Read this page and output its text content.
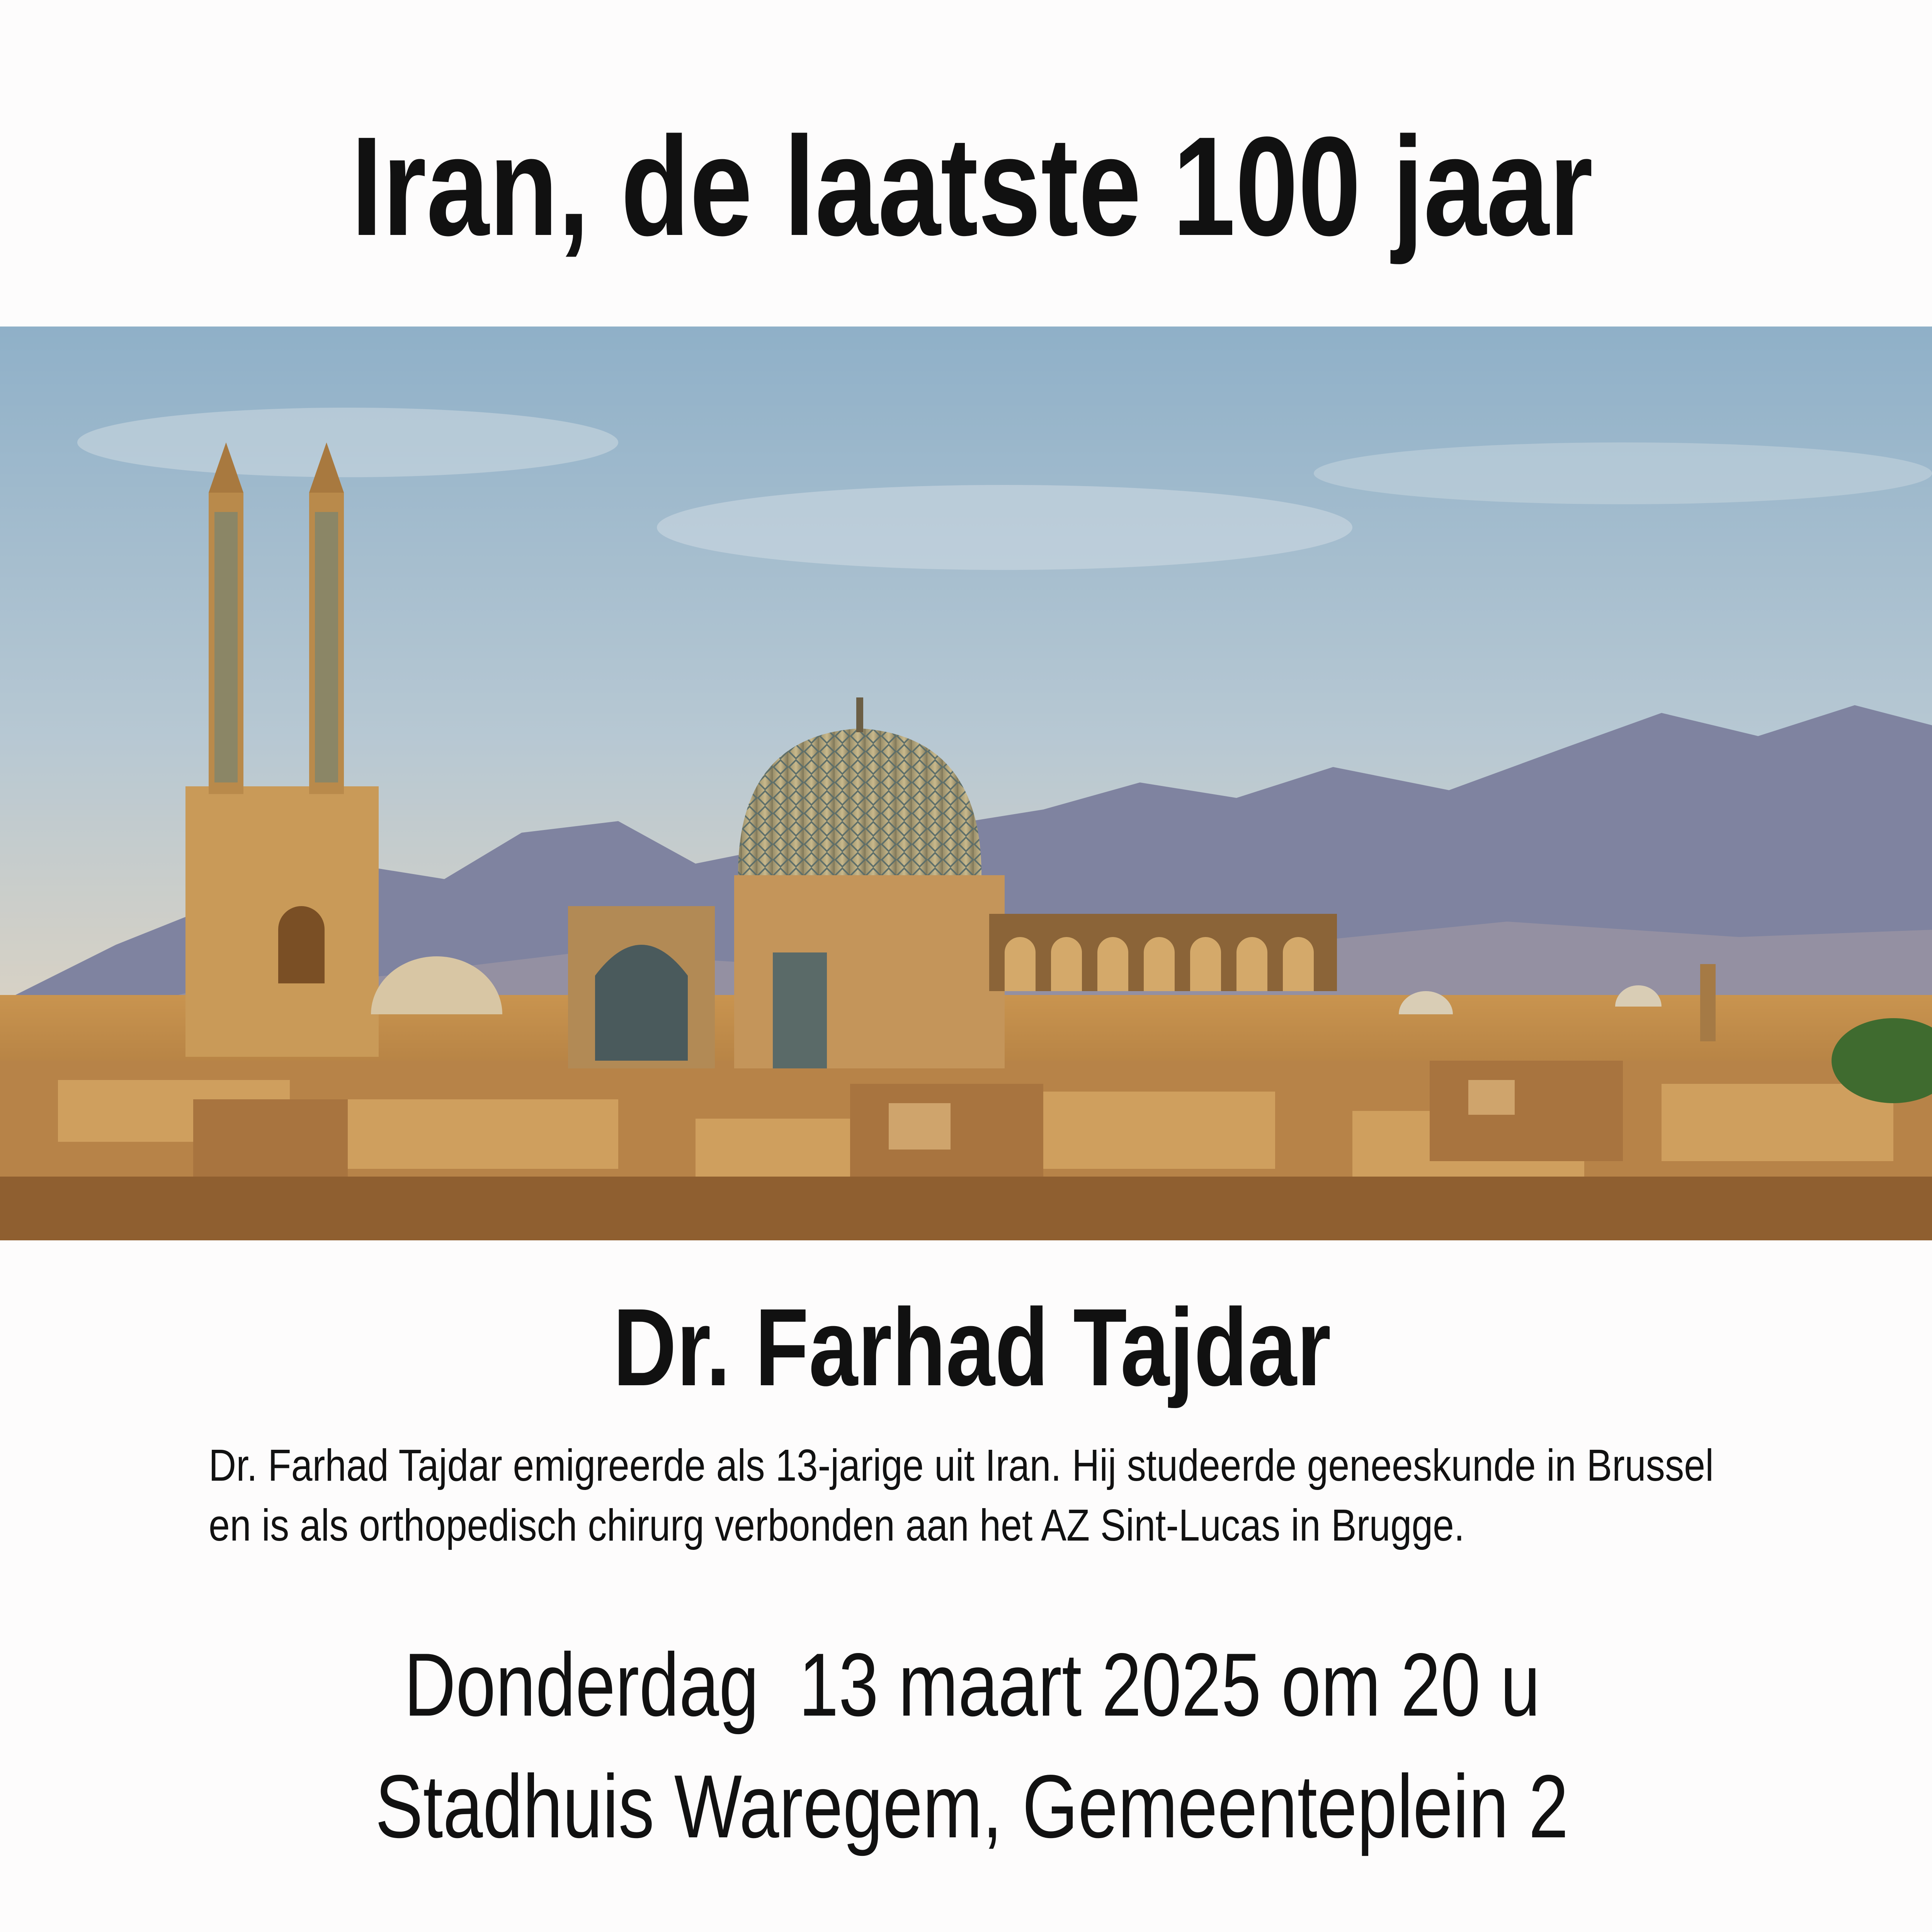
Iran, de laatste 100 jaar
Dr. Farhad Tajdar
Dr. Farhad Tajdar emigreerde als 13-jarige uit Iran. Hij studeerde geneeskunde in Brussel
en is als orthopedisch chirurg verbonden aan het AZ Sint-Lucas in Brugge.

Donderdag  13 maart 2025 om 20 u

Stadhuis Waregem, Gemeenteplein 2
